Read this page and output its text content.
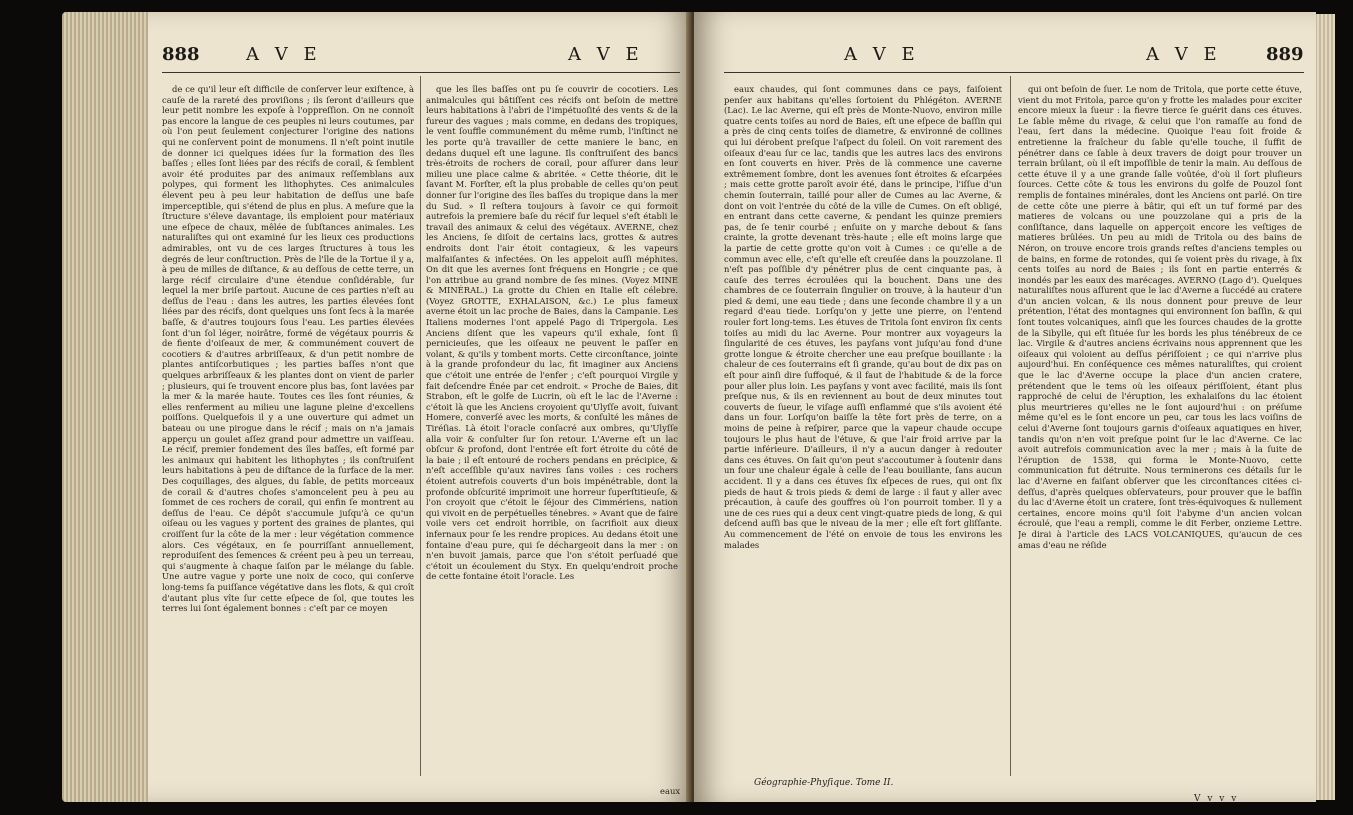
888	A V E	A V E

de ce qu'il leur eſt difficile de conſerver leur exiſtence, à cauſe de la rareté des proviſions ; ils ſeront d'ailleurs que leur petit nombre les expoſe à l'oppreſſion. On ne connoît pas encore la langue de ces peuples ni leurs coutumes, par où l'on peut ſeulement conjecturer l'origine des nations qui ne conſervent point de monumens. Il n'eſt point inutile de donner ici quelques idées ſur la formation des îles baſſes ; elles ſont liées par des récifs de corail, & ſemblent avoir été produites par des animaux reſſemblans aux polypes, qui forment les lithophytes. Ces animalcules élevent peu à peu leur habitation de deſſus une baſe imperceptible, qui s'étend de plus en plus. A meſure que la ſtructure s'éleve davantage, ils emploient pour matériaux une eſpece de chaux, mêlée de ſubſtances animales. Les naturaliſtes qui ont examiné ſur les lieux ces productions admirables, ont vu de ces larges ſtructures à tous les degrés de leur conſtruction. Près de l'île de la Tortue il y a, à peu de milles de diſtance, & au deſſous de cette terre, un large récif circulaire d'une étendue conſidérable, ſur lequel la mer briſe partout. Aucune de ces parties n'eſt au deſſus de l'eau : dans les autres, les parties élevées ſont liées par des récifs, dont quelques uns ſont ſecs à la marée baſſe, & d'autres toujours ſous l'eau. Les parties élevées ſont d'un ſol léger, noirâtre, formé de végétaux pourris & de fiente d'oiſeaux de mer, & communément couvert de cocotiers & d'autres arbriſſeaux, & d'un petit nombre de plantes antiſcorbutiques ; les parties baſſes n'ont que quelques arbriſſeaux & les plantes dont on vient de parler ; plusieurs, qui ſe trouvent encore plus bas, ſont lavées par la mer & la marée haute. Toutes ces îles ſont réunies, & elles renferment au milieu une lagune pleine d'excellens poiſſons. Quelquefois il y a une ouverture qui admet un bateau ou une pirogue dans le récif ; mais on n'a jamais apperçu un goulet aſſez grand pour admettre un vaiſſeau. Le récif, premier fondement des îles baſſes, eſt formé par les animaux qui habitent les lithophytes ; ils conſtruiſent leurs habitations à peu de diſtance de la ſurface de la mer. Des coquillages, des algues, du ſable, de petits morceaux de corail & d'autres choſes s'amoncelent peu à peu au ſommet de ces rochers de corail, qui enfin ſe montrent au deſſus de l'eau. Ce dépôt s'accumule juſqu'à ce qu'un oiſeau ou les vagues y portent des graines de plantes, qui croiſſent ſur la côte de la mer : leur végétation commence alors. Ces végétaux, en ſe pourriſſant annuellement, reproduiſent des ſemences & créent peu à peu un terreau, qui s'augmente à chaque ſaiſon par le mélange du ſable. Une autre vague y porte une noix de coco, qui conſerve long-tems ſa puiſſance végétative dans les flots, & qui croît d'autant plus vîte ſur cette eſpece de ſol, que toutes les terres lui ſont également bonnes : c'eſt par ce moyen

que les îles baſſes ont pu ſe couvrir de cocotiers. Les animalcules qui bâtiſſent ces récifs ont beſoin de mettre leurs habitations à l'abri de l'impétuoſité des vents & de la fureur des vagues ; mais comme, en dedans des tropiques, le vent ſouffle communément du même rumb, l'inſtinct ne les porte qu'à travailler de cette maniere le banc, en dedans duquel eſt une lagune. Ils conſtruiſent des bancs très-étroits de rochers de corail, pour aſſurer dans leur milieu une place calme & abritée. « Cette théorie, dit le ſavant M. Forſter, eſt la plus probable de celles qu'on peut donner ſur l'origine des îles baſſes du tropique dans la mer du Sud. » Il reſtera toujours à ſavoir ce qui formoit autrefois la premiere baſe du récif ſur lequel s'eſt établi le travail des animaux & celui des végétaux. AVERNE, chez les Anciens, ſe diſoit de certains lacs, grottes & autres endroits dont l'air étoit contagieux, & les vapeurs malfaiſantes & infectées. On les appeloit auſſi méphites. On dit que les avernes ſont fréquens en Hongrie ; ce que l'on attribue au grand nombre de ſes mines. (Voyez MINE & MINÉRAL.) La grotte du Chien en Italie eſt célebre. (Voyez GROTTE, EXHALAISON, &c.) Le plus fameux averne étoit un lac proche de Baies, dans la Campanie. Les Italiens modernes l'ont appelé Pago di Tripergola. Les Anciens diſent que les vapeurs qu'il exhale, ſont ſi pernicieuſes, que les oiſeaux ne peuvent le paſſer en volant, & qu'ils y tombent morts. Cette circonſtance, jointe à la grande profondeur du lac, fit imaginer aux Anciens que c'étoit une entrée de l'enfer ; c'eſt pourquoi Virgile y fait deſcendre Énée par cet endroit. « Proche de Baies, dit Strabon, eſt le golfe de Lucrin, où eſt le lac de l'Averne : c'étoit là que les Anciens croyoient qu'Ulyſſe avoit, ſuivant Homere, converſé avec les morts, & conſulté les mânes de Tiréſias. Là étoit l'oracle conſacré aux ombres, qu'Ulyſſe alla voir & conſulter ſur ſon retour. L'Averne eſt un lac obſcur & profond, dont l'entrée eſt fort étroite du côté de la baie ; il eſt entouré de rochers pendans en précipice, & n'eſt acceſſible qu'aux navires ſans voiles : ces rochers étoient autrefois couverts d'un bois impénétrable, dont la profonde obſcurité imprimoit une horreur ſuperſtitieuſe, & l'on croyoit que c'étoit le ſéjour des Cimmériens, nation qui vivoit en de perpétuelles ténebres. » Avant que de faire voile vers cet endroit horrible, on ſacrifioit aux dieux infernaux pour ſe les rendre propices. Au dedans étoit une fontaine d'eau pure, qui ſe déchargeoit dans la mer : on n'en buvoit jamais, parce que l'on s'étoit perſuadé que c'étoit un écoulement du Styx. En quelqu'endroit proche de cette fontaine étoit l'oracle. Les

eaux
A V E	A V E 889

eaux chaudes, qui ſont communes dans ce pays, faiſoient penſer aux habitans qu'elles ſortoient du Phlégéton. AVERNE (Lac). Le lac Averne, qui eſt près de Monte-Nuovo, environ mille quatre cents toiſes au nord de Baies, eſt une eſpece de baſſin qui a près de cinq cents toiſes de diametre, & environné de collines qui lui dérobent preſque l'aſpect du ſoleil. On voit rarement des oiſeaux d'eau ſur ce lac, tandis que les autres lacs des environs en ſont couverts en hiver. Près de là commence une caverne extrêmement ſombre, dont les avenues ſont étroites & eſcarpées ; mais cette grotte paroît avoir été, dans le principe, l'iſſue d'un chemin ſouterrain, taillé pour aller de Cumes au lac Averne, & dont on voit l'entrée du côté de la ville de Cumes. On eſt obligé, en entrant dans cette caverne, & pendant les quinze premiers pas, de ſe tenir courbé ; enſuite on y marche debout & ſans crainte, la grotte devenant très-haute ; elle eſt moins large que la partie de cette grotte qu'on voit à Cumes : ce qu'elle a de commun avec elle, c'eſt qu'elle eſt creuſée dans la pouzzolane. Il n'eſt pas poſſible d'y pénétrer plus de cent cinquante pas, à cauſe des terres écroulées qui la bouchent. Dans une des chambres de ce ſouterrain ſingulier on trouve, à la hauteur d'un pied & demi, une eau tiede ; dans une ſeconde chambre il y a un regard d'eau tiede. Lorſqu'on y jette une pierre, on l'entend rouler fort long-tems. Les étuves de Tritola ſont environ ſix cents toiſes au midi du lac Averne. Pour montrer aux voyageurs la ſingularité de ces étuves, les payſans vont juſqu'au fond d'une grotte longue & étroite chercher une eau preſque bouillante : la chaleur de ces ſouterrains eſt ſi grande, qu'au bout de dix pas on eſt pour ainſi dire ſuffoqué, & il faut de l'habitude & de la force pour aller plus loin. Les payſans y vont avec facilité, mais ils ſont preſque nus, & ils en reviennent au bout de deux minutes tout couverts de ſueur, le viſage auſſi enflammé que s'ils avoient été dans un four. Lorſqu'on baiſſe la tête fort près de terre, on a moins de peine à reſpirer, parce que la vapeur chaude occupe toujours le plus haut de l'étuve, & que l'air froid arrive par la partie inférieure. D'ailleurs, il n'y a aucun danger à redouter dans ces étuves. On ſait qu'on peut s'accoutumer à ſoutenir dans un four une chaleur égale à celle de l'eau bouillante, ſans aucun accident. Il y a dans ces étuves ſix eſpeces de rues, qui ont ſix pieds de haut & trois pieds & demi de large : il faut y aller avec précaution, à cauſe des gouffres où l'on pourroit tomber. Il y a une de ces rues qui a deux cent vingt-quatre pieds de long, & qui deſcend auſſi bas que le niveau de la mer ; elle eſt fort gliſſante. Au commencement de l'été on envoie de tous les environs les malades

qui ont beſoin de ſuer. Le nom de Tritola, que porte cette étuve, vient du mot Fritola, parce qu'on y frotte les malades pour exciter encore mieux la ſueur : la fievre tierce ſe guérit dans ces étuves. Le ſable même du rivage, & celui que l'on ramaſſe au fond de l'eau, ſert dans la médecine. Quoique l'eau ſoit froide & entretienne la fraîcheur du ſable qu'elle touche, il ſuffit de pénétrer dans ce ſable à deux travers de doigt pour trouver un terrain brûlant, où il eſt impoſſible de tenir la main. Au deſſous de cette étuve il y a une grande ſalle voûtée, d'où il ſort pluſieurs ſources. Cette côte & tous les environs du golfe de Pouzol ſont remplis de fontaines minérales, dont les Anciens ont parlé. On tire de cette côte une pierre à bâtir, qui eſt un tuf formé par des matieres de volcans ou une pouzzolane qui a pris de la conſiſtance, dans laquelle on apperçoit encore les veſtiges de matieres brûlées. Un peu au midi de Tritola ou des bains de Néron, on trouve encore trois grands reſtes d'anciens temples ou de bains, en forme de rotondes, qui ſe voient près du rivage, à ſix cents toiſes au nord de Baies ; ils ſont en partie enterrés & inondés par les eaux des marécages. AVERNO (Lago d'). Quelques naturaliſtes nous aſſurent que le lac d'Averne a ſuccédé au cratere d'un ancien volcan, & ils nous donnent pour preuve de leur prétention, l'état des montagnes qui environnent ſon baſſin, & qui ſont toutes volcaniques, ainſi que les ſources chaudes de la grotte de la Sibylle, qui eſt ſituée ſur les bords les plus ténébreux de ce lac. Virgile & d'autres anciens écrivains nous apprennent que les oiſeaux qui voloient au deſſus périſſoient ; ce qui n'arrive plus aujourd'hui. En conſéquence ces mêmes naturaliſtes, qui croient que le lac d'Averne occupe la place d'un ancien cratere, prétendent que le tems où les oiſeaux périſſoient, étant plus rapproché de celui de l'éruption, les exhalaiſons du lac étoient plus meurtrieres qu'elles ne le ſont aujourd'hui : on préſume même qu'el es le ſont encore un peu, car tous les lacs voiſins de celui d'Averne ſont toujours garnis d'oiſeaux aquatiques en hiver, tandis qu'on n'en voit preſque point ſur le lac d'Averne. Ce lac avoit autrefois communication avec la mer ; mais à la ſuite de l'éruption de 1538, qui forma le Monte-Nuovo, cette communication fut détruite. Nous terminerons ces détails ſur le lac d'Averne en faiſant obſerver que les circonſtances citées ci-deſſus, d'après quelques obſervateurs, pour prouver que le baſſin du lac d'Averne étoit un cratere, ſont très-équivoques & nullement certaines, encore moins qu'il ſoit l'abyme d'un ancien volcan écroulé, que l'eau a rempli, comme le dit Ferber, onzieme Lettre. Je dirai à l'article des LACS VOLCANIQUES, qu'aucun de ces amas d'eau ne réſide

Géographie-Phyſique. Tome II.
V v v v
